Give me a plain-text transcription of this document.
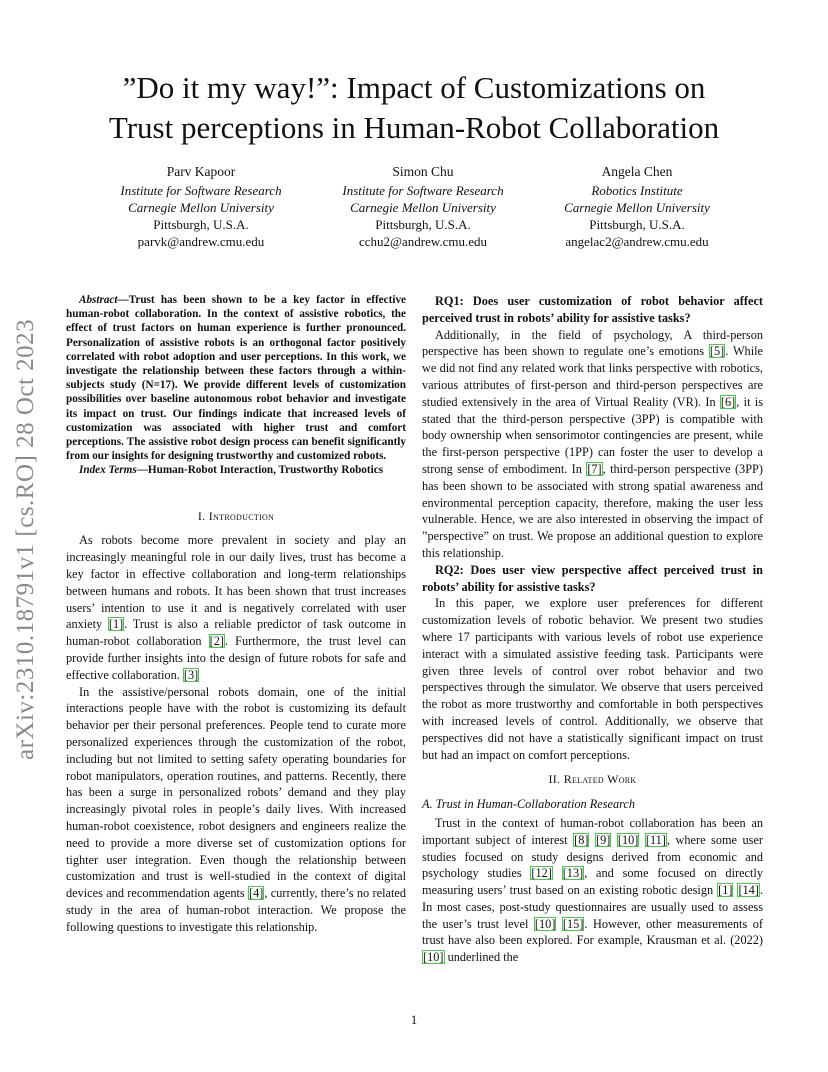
”Do it my way!”: Impact of Customizations on
Trust perceptions in Human-Robot Collaboration
arXiv:2310.18791v1 [cs.RO] 28 Oct 2023
Parv Kapoor
Institute for Software Research
Carnegie Mellon University
Pittsburgh, U.S.A.
parvk@andrew.cmu.edu
Simon Chu
Institute for Software Research
Carnegie Mellon University
Pittsburgh, U.S.A.
cchu2@andrew.cmu.edu
Angela Chen
Robotics Institute
Carnegie Mellon University
Pittsburgh, U.S.A.
angelac2@andrew.cmu.edu

Abstract—Trust has been shown to be a key factor in effective human-robot collaboration. In the context of assistive robotics, the effect of trust factors on human experience is further pronounced. Personalization of assistive robots is an orthogonal factor positively correlated with robot adoption and user perceptions. In this work, we investigate the relationship between these factors through a within-subjects study (N=17). We provide different levels of customization possibilities over baseline autonomous robot behavior and investigate its impact on trust. Our findings indicate that increased levels of customization was associated with higher trust and comfort perceptions. The assistive robot design process can benefit significantly from our insights for designing trustworthy and customized robots.

Index Terms—Human-Robot Interaction, Trustworthy Robotics

I. Introduction

As robots become more prevalent in society and play an increasingly meaningful role in our daily lives, trust has become a key factor in effective collaboration and long-term relationships between humans and robots. It has been shown that trust increases users’ intention to use it and is negatively correlated with user anxiety [1]. Trust is also a reliable predictor of task outcome in human-robot collaboration [2]. Furthermore, the trust level can provide further insights into the design of future robots for safe and effective collaboration. [3]

In the assistive/personal robots domain, one of the initial interactions people have with the robot is customizing its default behavior per their personal preferences. People tend to curate more personalized experiences through the customization of the robot, including but not limited to setting safety operating boundaries for robot manipulators, operation routines, and patterns. Recently, there has been a surge in personalized robots’ demand and they play increasingly pivotal roles in people’s daily lives. With increased human-robot coexistence, robot designers and engineers realize the need to provide a more diverse set of customization options for tighter user integration. Even though the relationship between customization and trust is well-studied in the context of digital devices and recommendation agents [4], currently, there’s no related study in the area of human-robot interaction. We propose the following questions to investigate this relationship.

RQ1: Does user customization of robot behavior affect perceived trust in robots’ ability for assistive tasks?

Additionally, in the field of psychology, A third-person perspective has been shown to regulate one’s emotions [5]. While we did not find any related work that links perspective with robotics, various attributes of first-person and third-person perspectives are studied extensively in the area of Virtual Reality (VR). In [6], it is stated that the third-person perspective (3PP) is compatible with body ownership when sensorimotor contingencies are present, while the first-person perspective (1PP) can foster the user to develop a strong sense of embodiment. In [7], third-person perspective (3PP) has been shown to be associated with strong spatial awareness and environmental perception capacity, therefore, making the user less vulnerable. Hence, we are also interested in observing the impact of ”perspective” on trust. We propose an additional question to explore this relationship.

RQ2: Does user view perspective affect perceived trust in robots’ ability for assistive tasks?

In this paper, we explore user preferences for different customization levels of robotic behavior. We present two studies where 17 participants with various levels of robot use experience interact with a simulated assistive feeding task. Participants were given three levels of control over robot behavior and two perspectives through the simulator. We observe that users perceived the robot as more trustworthy and comfortable in both perspectives with increased levels of control. Additionally, we observe that perspectives did not have a statistically significant impact on trust but had an impact on comfort perceptions.

II. Related Work
A. Trust in Human-Collaboration Research

Trust in the context of human-robot collaboration has been an important subject of interest [8] [9] [10] [11], where some user studies focused on study designs derived from economic and psychology studies [12] [13], and some focused on directly measuring users’ trust based on an existing robotic design [1] [14]. In most cases, post-study questionnaires are usually used to assess the user’s trust level [10] [15]. However, other measurements of trust have also been explored. For example, Krausman et al. (2022) [10] underlined the

1
